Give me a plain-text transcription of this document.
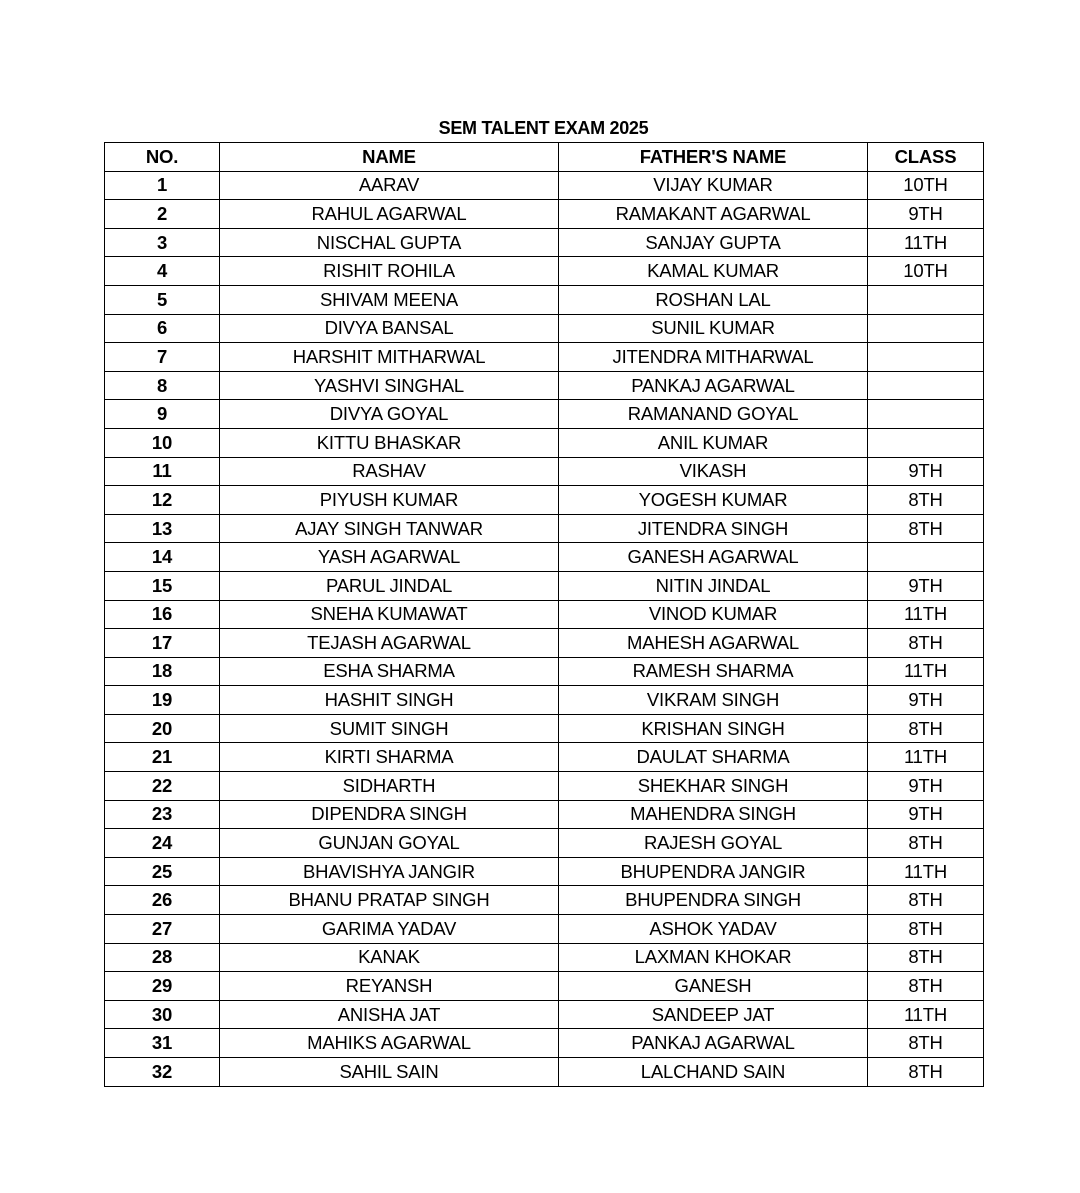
SEM TALENT EXAM 2025
NO.	NAME	FATHER'S NAME	CLASS
1	AARAV	VIJAY KUMAR	10TH
2	RAHUL AGARWAL	RAMAKANT AGARWAL	9TH
3	NISCHAL GUPTA	SANJAY GUPTA	11TH
4	RISHIT ROHILA	KAMAL KUMAR	10TH
5	SHIVAM MEENA	ROSHAN LAL	
6	DIVYA BANSAL	SUNIL KUMAR	
7	HARSHIT MITHARWAL	JITENDRA MITHARWAL	
8	YASHVI SINGHAL	PANKAJ AGARWAL	
9	DIVYA GOYAL	RAMANAND GOYAL	
10	KITTU BHASKAR	ANIL KUMAR	
11	RASHAV	VIKASH	9TH
12	PIYUSH KUMAR	YOGESH KUMAR	8TH
13	AJAY SINGH TANWAR	JITENDRA SINGH	8TH
14	YASH AGARWAL	GANESH AGARWAL	
15	PARUL JINDAL	NITIN JINDAL	9TH
16	SNEHA KUMAWAT	VINOD KUMAR	11TH
17	TEJASH AGARWAL	MAHESH AGARWAL	8TH
18	ESHA SHARMA	RAMESH SHARMA	11TH
19	HASHIT SINGH	VIKRAM SINGH	9TH
20	SUMIT SINGH	KRISHAN SINGH	8TH
21	KIRTI SHARMA	DAULAT SHARMA	11TH
22	SIDHARTH	SHEKHAR SINGH	9TH
23	DIPENDRA SINGH	MAHENDRA SINGH	9TH
24	GUNJAN GOYAL	RAJESH GOYAL	8TH
25	BHAVISHYA JANGIR	BHUPENDRA JANGIR	11TH
26	BHANU PRATAP SINGH	BHUPENDRA SINGH	8TH
27	GARIMA YADAV	ASHOK YADAV	8TH
28	KANAK	LAXMAN KHOKAR	8TH
29	REYANSH	GANESH	8TH
30	ANISHA JAT	SANDEEP JAT	11TH
31	MAHIKS AGARWAL	PANKAJ AGARWAL	8TH
32	SAHIL SAIN	LALCHAND SAIN	8TH
